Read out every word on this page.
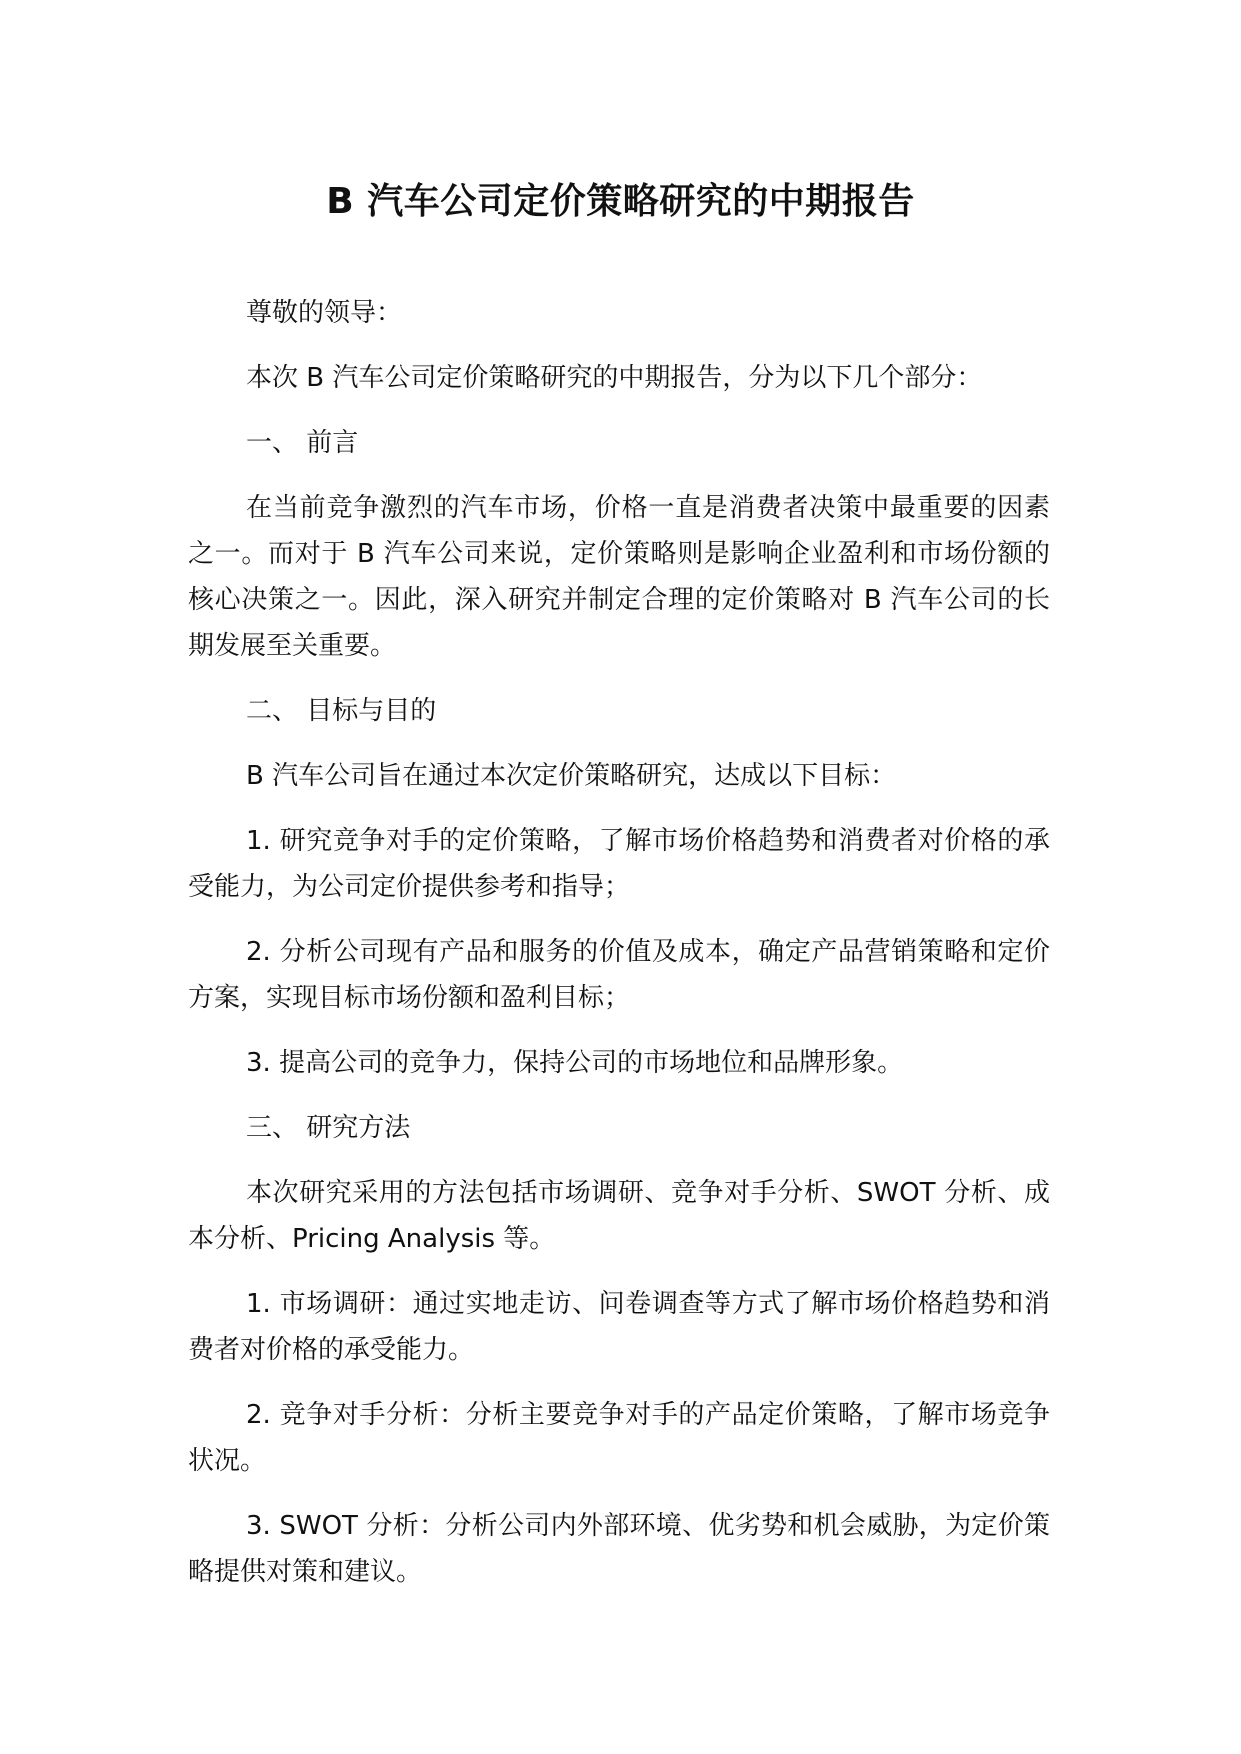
B 汽车公司定价策略研究的中期报告

尊敬的领导：

本次 B 汽车公司定价策略研究的中期报告，分为以下几个部分：

一、 前言

在当前竞争激烈的汽车市场，价格一直是消费者决策中最重要的因素之一。而对于 B 汽车公司来说，定价策略则是影响企业盈利和市场份额的核心决策之一。因此，深入研究并制定合理的定价策略对 B 汽车公司的长期发展至关重要。

二、 目标与目的

B 汽车公司旨在通过本次定价策略研究，达成以下目标：

1. 研究竞争对手的定价策略，了解市场价格趋势和消费者对价格的承受能力，为公司定价提供参考和指导；

2. 分析公司现有产品和服务的价值及成本，确定产品营销策略和定价方案，实现目标市场份额和盈利目标；

3. 提高公司的竞争力，保持公司的市场地位和品牌形象。

三、 研究方法

本次研究采用的方法包括市场调研、竞争对手分析、SWOT 分析、成本分析、Pricing Analysis 等。

1. 市场调研：通过实地走访、问卷调查等方式了解市场价格趋势和消费者对价格的承受能力。

2. 竞争对手分析：分析主要竞争对手的产品定价策略，了解市场竞争状况。

3. SWOT 分析：分析公司内外部环境、优劣势和机会威胁，为定价策略提供对策和建议。
